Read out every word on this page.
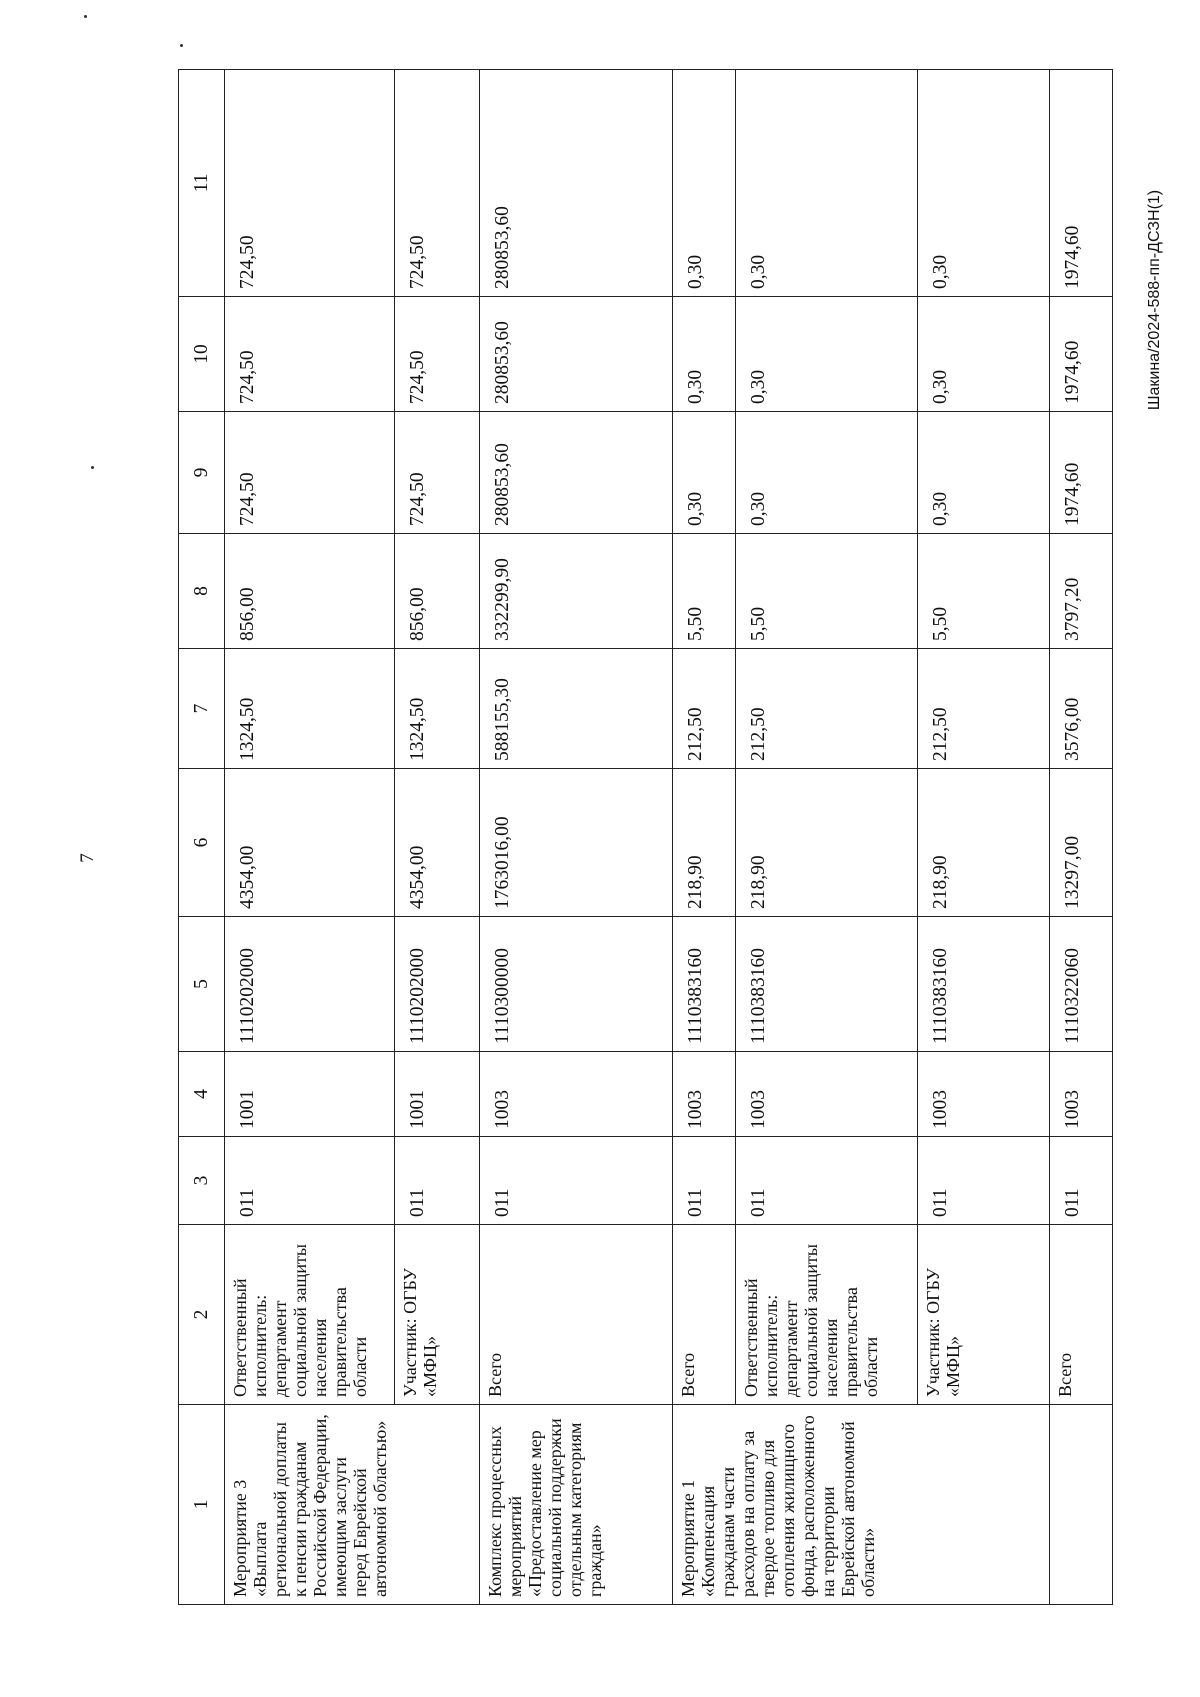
7
Шакина/2024-588-пп-ДСЗН(1)
1	2	3	4	5	6	7	8	9	10	11
Мероприятие 3 «Выплата региональной доплаты к пенсии гражданам Российской Федерации, имеющим заслуги перед Еврейской автономной областью»	Ответственный исполнитель: департамент социальной защиты населения правительства области	011	1001	1110202000	4354,00	1324,50	856,00	724,50	724,50	724,50
	Участник: ОГБУ «МФЦ»	011	1001	1110202000	4354,00	1324,50	856,00	724,50	724,50	724,50
Комплекс процессных мероприятий «Предоставление мер социальной поддержки отдельным категориям граждан»	Всего	011	1003	1110300000	1763016,00	588155,30	332299,90	280853,60	280853,60	280853,60
Мероприятие 1 «Компенсация гражданам части расходов на оплату за твердое топливо для отопления жилищного фонда, расположенного на территории Еврейской автономной области»	Всего	011	1003	1110383160	218,90	212,50	5,50	0,30	0,30	0,30
	Ответственный исполнитель: департамент социальной защиты населения правительства области	011	1003	1110383160	218,90	212,50	5,50	0,30	0,30	0,30
	Участник: ОГБУ «МФЦ»	011	1003	1110383160	218,90	212,50	5,50	0,30	0,30	0,30
	Всего	011	1003	1110322060	13297,00	3576,00	3797,20	1974,60	1974,60	1974,60
